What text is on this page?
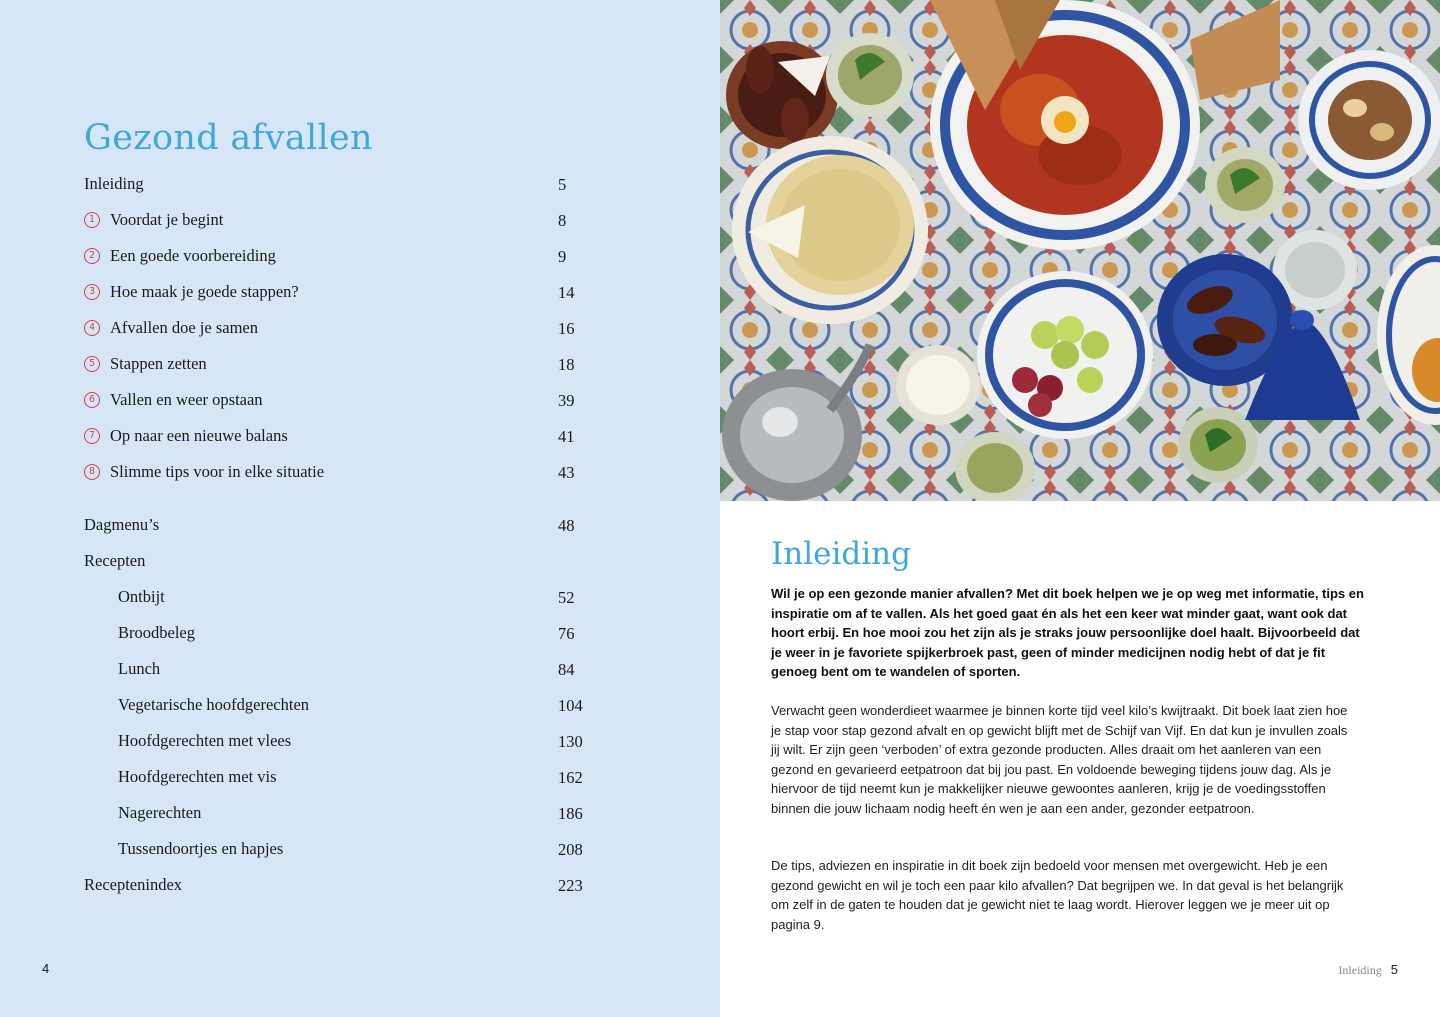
Gezond afvallen
Inleiding	5
1 Voordat je begint	8
2 Een goede voorbereiding	9
3 Hoe maak je goede stappen?	14
4 Afvallen doe je samen	16
5 Stappen zetten	18
6 Vallen en weer opstaan	39
7 Op naar een nieuwe balans	41
8 Slimme tips voor in elke situatie	43
Dagmenu’s	48
Recepten
Ontbijt	52
Broodbeleg	76
Lunch	84
Vegetarische hoofdgerechten	104
Hoofdgerechten met vlees	130
Hoofdgerechten met vis	162
Nagerechten	186
Tussendoortjes en hapjes	208
Receptenindex	223
4
Inleiding

Wil je op een gezonde manier afvallen? Met dit boek helpen we je op weg met informatie, tips en inspiratie om af te vallen. Als het goed gaat én als het een keer wat minder gaat, want ook dat hoort erbij. En hoe mooi zou het zijn als je straks jouw persoonlijke doel haalt. Bijvoorbeeld dat je weer in je favoriete spijkerbroek past, geen of minder medicijnen nodig hebt of dat je fit genoeg bent om te wandelen of sporten.

Verwacht geen wonderdieet waarmee je binnen korte tijd veel kilo’s kwijtraakt. Dit boek laat zien hoe je stap voor stap gezond afvalt en op gewicht blijft met de Schijf van Vijf. En dat kun je invullen zoals jij wilt. Er zijn geen ‘verboden’ of extra gezonde producten. Alles draait om het aanleren van een gezond en gevarieerd eetpatroon dat bij jou past. En voldoende beweging tijdens jouw dag. Als je hiervoor de tijd neemt kun je makkelijker nieuwe gewoontes aanleren, krijg je de voedingsstoffen binnen die jouw lichaam nodig heeft én wen je aan een ander, gezonder eetpatroon.

De tips, adviezen en inspiratie in dit boek zijn bedoeld voor mensen met overgewicht. Heb je een gezond gewicht en wil je toch een paar kilo afvallen? Dat begrijpen we. In dat geval is het belangrijk om zelf in de gaten te houden dat je gewicht niet te laag wordt. Hierover leggen we je meer uit op pagina 9.

Inleiding 5
